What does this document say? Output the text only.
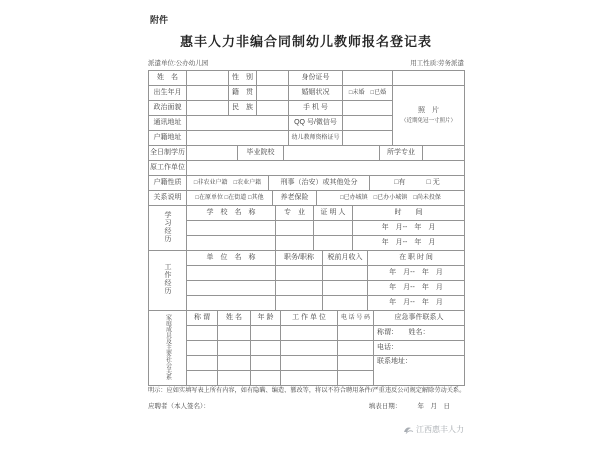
附件
惠丰人力非编合同制幼儿教师报名登记表
派遣单位:公办幼儿园	用工性质:劳务派遣
姓　名		性　别		身份证号		
出生年月		籍　贯		婚姻状况	□未婚　□已婚	照　片
（近期免冠一寸照片）

政治面貌		民　族		手 机 号		
通讯地址				QQ 号/微信号		
户籍地址				幼儿教师资格证号		
全日制学历		毕业院校		所学专业	
原工作单位	
户籍性质	□非农业户籍　□农业户籍	刑事（治安）或其他处分	□有　　　□ 无
关系说明	□在原单位 □在街道 □其他	养老保险	□已办城镇　□已办小城镇　□尚未投保
学习经历	学　校　名　称	专　业	证 明 人	时　　间
				年　月--　年　月
				年　月--　年　月
工作经历	单　位　名　称	职务/职称	税前月收入	在 职 时 间
				年　月--　年　月
				年　月--　年　月
				年　月--　年　月
家庭成员及主要社会关系	称 谓	姓 名	年 龄	工 作 单 位	电 话 号 码	应急事件联系人
						称谓：　　姓名：
						电话：
						联系地址：

明示：应如实填写表上所有内容，如有隐瞒、编造、篡改等，将以不符合聘用条件/严重违反公司规定解除劳动关系。
应聘者（本人签名）：	填表日期：　　　年　月　日
江西惠丰人力
